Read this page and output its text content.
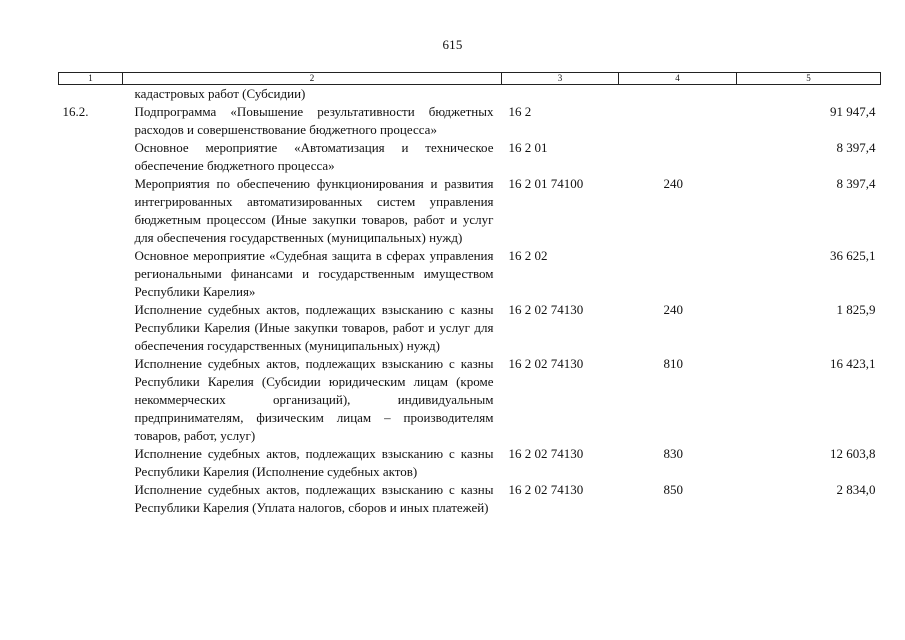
615
1	2	3	4	5
	кадастровых работ (Субсидии)			
16.2.	Подпрограмма «Повышение результативности бюджетных расходов и совершенствование бюджетного процесса»	16 2		91 947,4
	Основное мероприятие «Автоматизация и техническое обеспечение бюджетного процесса»	16 2 01		8 397,4
	Мероприятия по обеспечению функционирования и развития интегрированных автоматизированных систем управления бюджетным процессом (Иные закупки товаров, работ и услуг для обеспечения государственных (муниципальных) нужд)	16 2 01 74100	240	8 397,4
	Основное мероприятие «Судебная защита в сферах управления региональными финансами и государственным имуществом Республики Карелия»	16 2 02		36 625,1
	Исполнение судебных актов, подлежащих взысканию с казны Республики Карелия (Иные закупки товаров, работ и услуг для обеспечения государственных (муниципальных) нужд)	16 2 02 74130	240	1 825,9
	Исполнение судебных актов, подлежащих взысканию с казны Республики Карелия (Субсидии юридическим лицам (кроме некоммерческих организаций), индивидуальным предпринимателям, физическим лицам – производителям товаров, работ, услуг)	16 2 02 74130	810	16 423,1
	Исполнение судебных актов, подлежащих взысканию с казны Республики Карелия (Исполнение судебных актов)	16 2 02 74130	830	12 603,8
	Исполнение судебных актов, подлежащих взысканию с казны Республики Карелия (Уплата налогов, сборов и иных платежей)	16 2 02 74130	850	2 834,0
